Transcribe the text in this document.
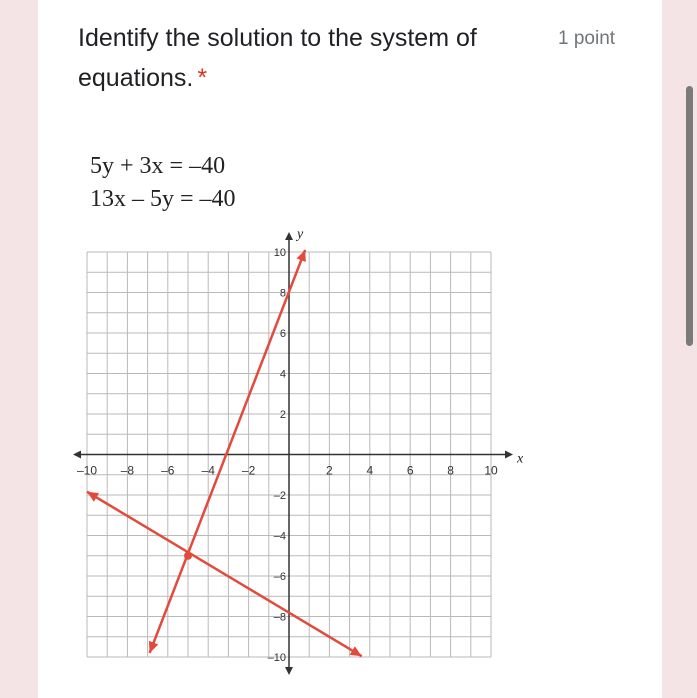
Identify the solution to the system of equations. *
1 point
5y + 3x = –40
13x – 5y = –40
x
y
–10 –8 –6 –4 –2	2	4	6	8	10
10
8
6
4
2
–2
–4
–6
–8
–10
